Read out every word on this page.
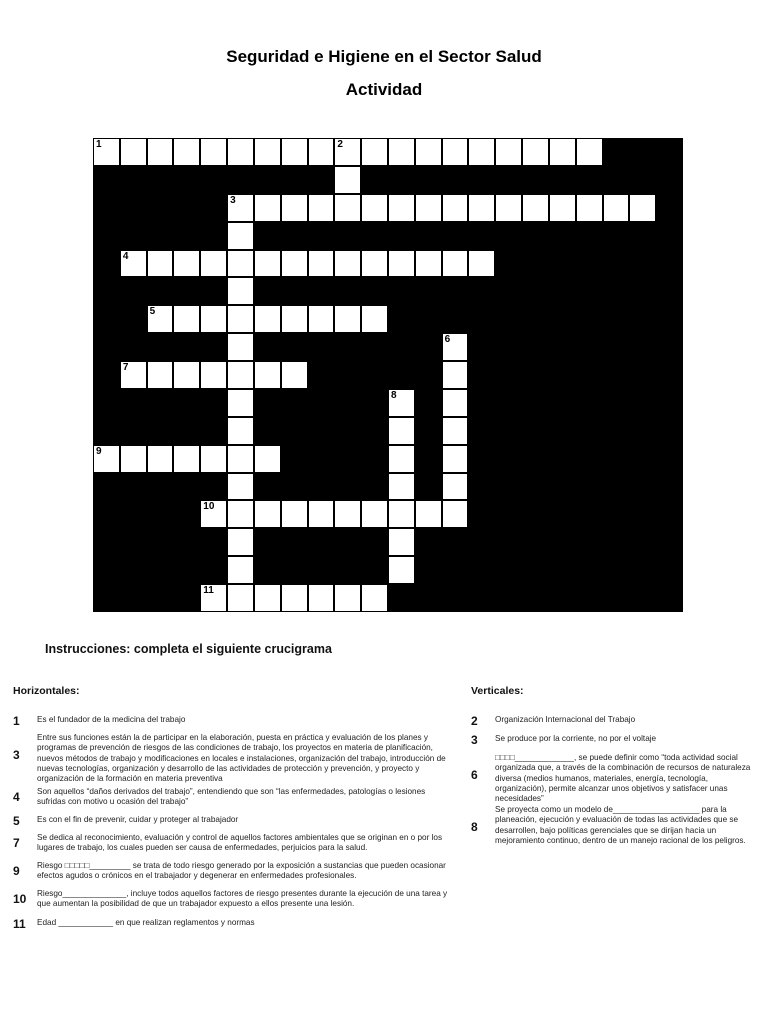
Seguridad e Higiene en el Sector Salud
Actividad
1	2
3
4
5
6
7
8
9
10
11
Instrucciones: completa el siguiente crucigrama
Horizontales:	Verticales:
1	Es el fundador de la medicina del trabajo
3
Entre sus funciones están la de participar en la elaboración, puesta en práctica y evaluación de los planes y programas de prevención de riesgos de las condiciones de trabajo, los proyectos en materia de planificación, nuevos métodos de trabajo y modificaciones en locales e instalaciones, organización del trabajo, introducción de nuevas tecnologías, organización y desarrollo de las actividades de protección y prevención, y proyecto y organización de la formación en materia preventiva
4	Son aquellos “daños derivados del trabajo”, entendiendo que son “las enfermedades, patologías o lesiones sufridas con motivo u ocasión del trabajo”
5	Es con el fin de prevenir, cuidar y proteger al trabajador
7	Se dedica al reconocimiento, evaluación y control de aquellos factores ambientales que se originan en o por los lugares de trabajo, los cuales pueden ser causa de enfermedades, perjuicios para la salud.
9	Riesgo □□□□□_________ se trata de todo riesgo generado por la exposición a sustancias que pueden ocasionar efectos agudos o crónicos en el trabajador y degenerar en enfermedades profesionales.
10	Riesgo______________, incluye todos aquellos factores de riesgo presentes durante la ejecución de una tarea y que aumentan la posibilidad de que un trabajador expuesto a ellos presente una lesión.
11	Edad ____________ en que realizan reglamentos y normas
2	Organización Internacional del Trabajo
3	Se produce por la corriente, no por el voltaje
6
□□□□_____________, se puede definir como “toda actividad social organizada que, a través de la combinación de recursos de naturaleza diversa (medios humanos, materiales, energía, tecnología, organización), permite alcanzar unos objetivos y satisfacer unas necesidades”
8
Se proyecta como un modelo de___________________ para la planeación, ejecución y evaluación de todas las actividades que se desarrollen, bajo políticas gerenciales que se dirijan hacia un mejoramiento continuo, dentro de un manejo racional de los peligros.
